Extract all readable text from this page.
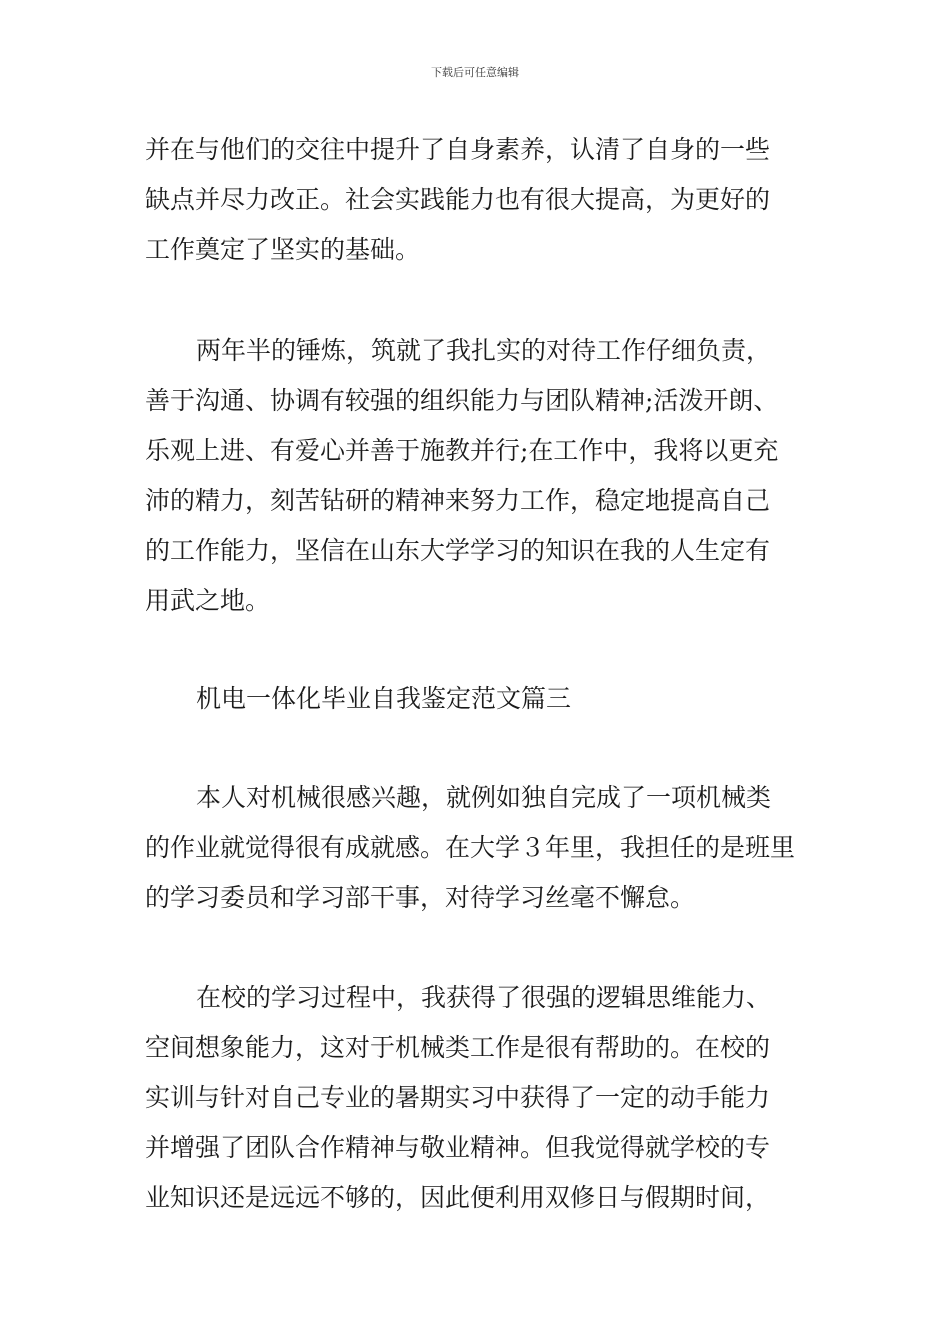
下载后可任意编辑
并在与他们的交往中提升了自身素养，认清了自身的一些
缺点并尽力改正。社会实践能力也有很大提高，为更好的
工作奠定了坚实的基础。
两年半的锤炼，筑就了我扎实的对待工作仔细负责，
善于沟通、协调有较强的组织能力与团队精神;活泼开朗、
乐观上进、有爱心并善于施教并行;在工作中，我将以更充
沛的精力，刻苦钻研的精神来努力工作，稳定地提高自己
的工作能力，坚信在山东大学学习的知识在我的人生定有
用武之地。
机电一体化毕业自我鉴定范文篇三
本人对机械很感兴趣，就例如独自完成了一项机械类
的作业就觉得很有成就感。在大学３年里，我担任的是班里
的学习委员和学习部干事，对待学习丝毫不懈怠。
在校的学习过程中，我获得了很强的逻辑思维能力、
空间想象能力，这对于机械类工作是很有帮助的。在校的
实训与针对自己专业的暑期实习中获得了一定的动手能力
并增强了团队合作精神与敬业精神。但我觉得就学校的专
业知识还是远远不够的，因此便利用双修日与假期时间，
